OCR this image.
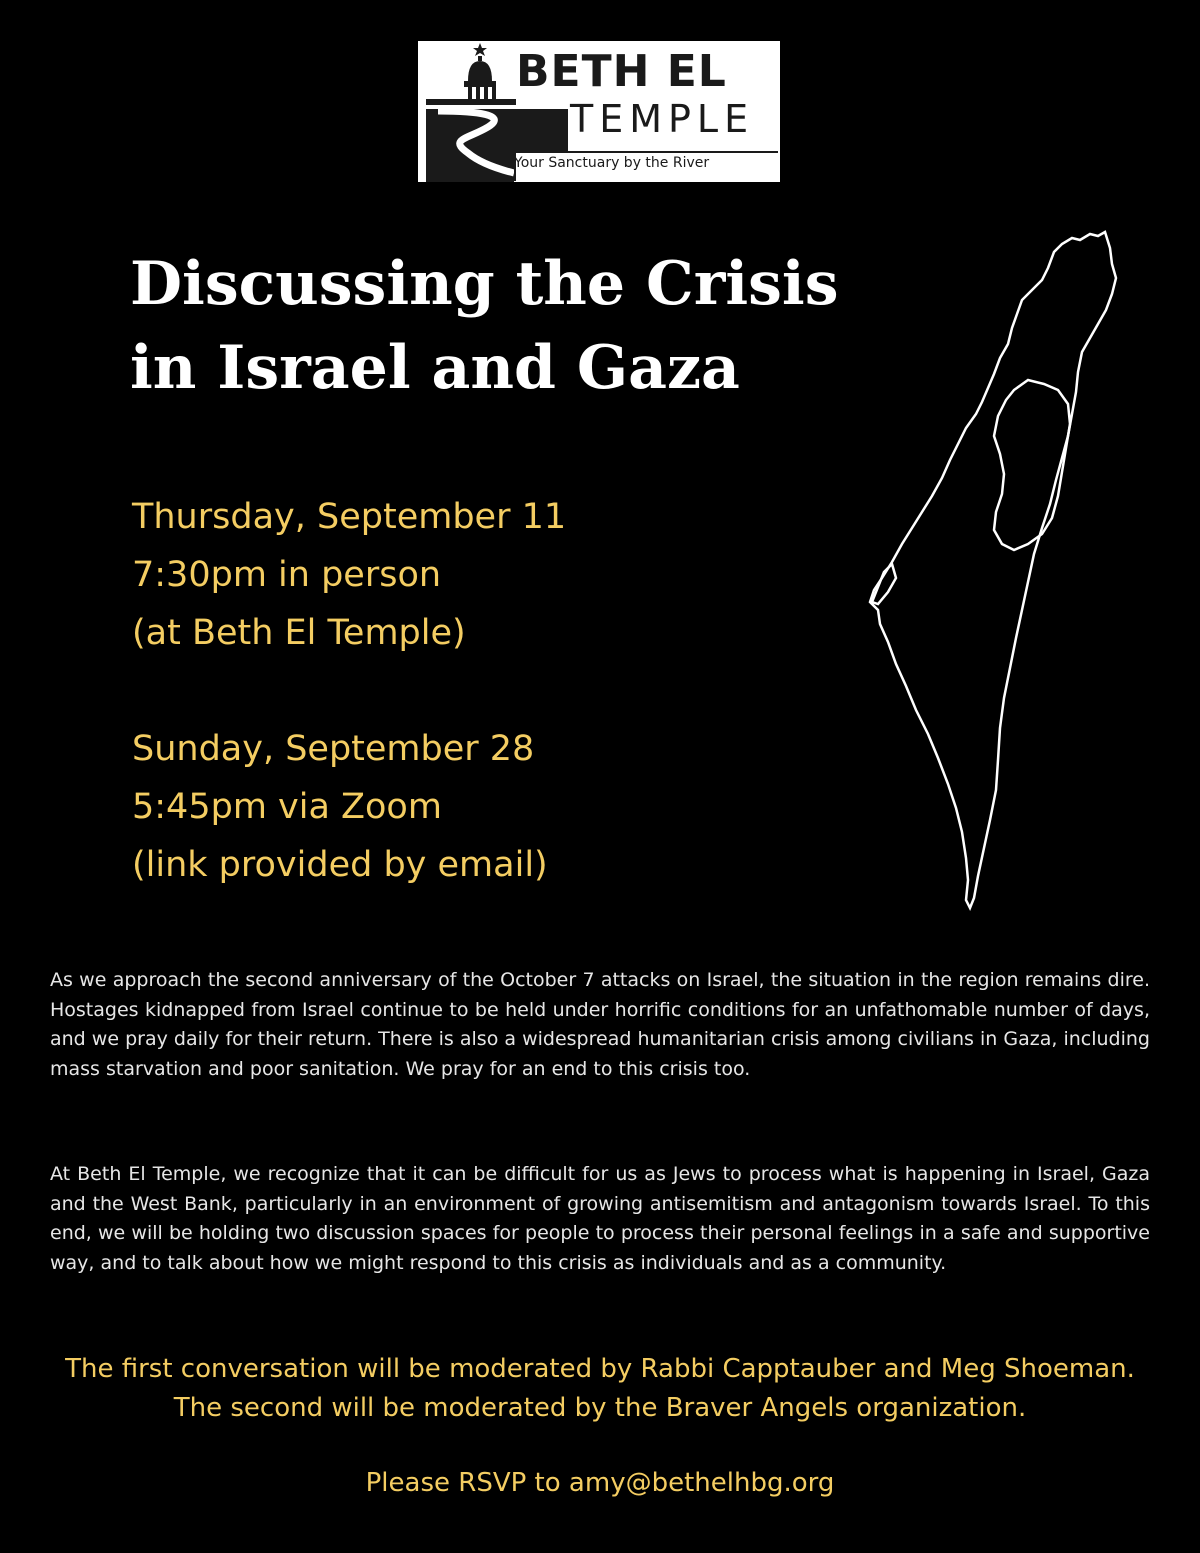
BETH EL
TEMPLE
Your Sanctuary by the River
Discussing the Crisis
in Israel and Gaza
Thursday, September 11
7:30pm in person
(at Beth El Temple)
Sunday, September 28
5:45pm via Zoom
(link provided by email)

As we approach the second anniversary of the October 7 attacks on Israel, the situation in the region remains dire. Hostages kidnapped from Israel continue to be held under horrific conditions for an unfathomable number of days, and we pray daily for their return. There is also a widespread humanitarian crisis among civilians in Gaza, including mass starvation and poor sanitation. We pray for an end to this crisis too.

At Beth El Temple, we recognize that it can be difficult for us as Jews to process what is happening in Israel, Gaza and the West Bank, particularly in an environment of growing antisemitism and antagonism towards Israel. To this end, we will be holding two discussion spaces for people to process their personal feelings in a safe and supportive way, and to talk about how we might respond to this crisis as individuals and as a community.

The first conversation will be moderated by Rabbi Capptauber and Meg Shoeman. The second will be moderated by the Braver Angels organization.

Please RSVP to amy@bethelhbg.org
